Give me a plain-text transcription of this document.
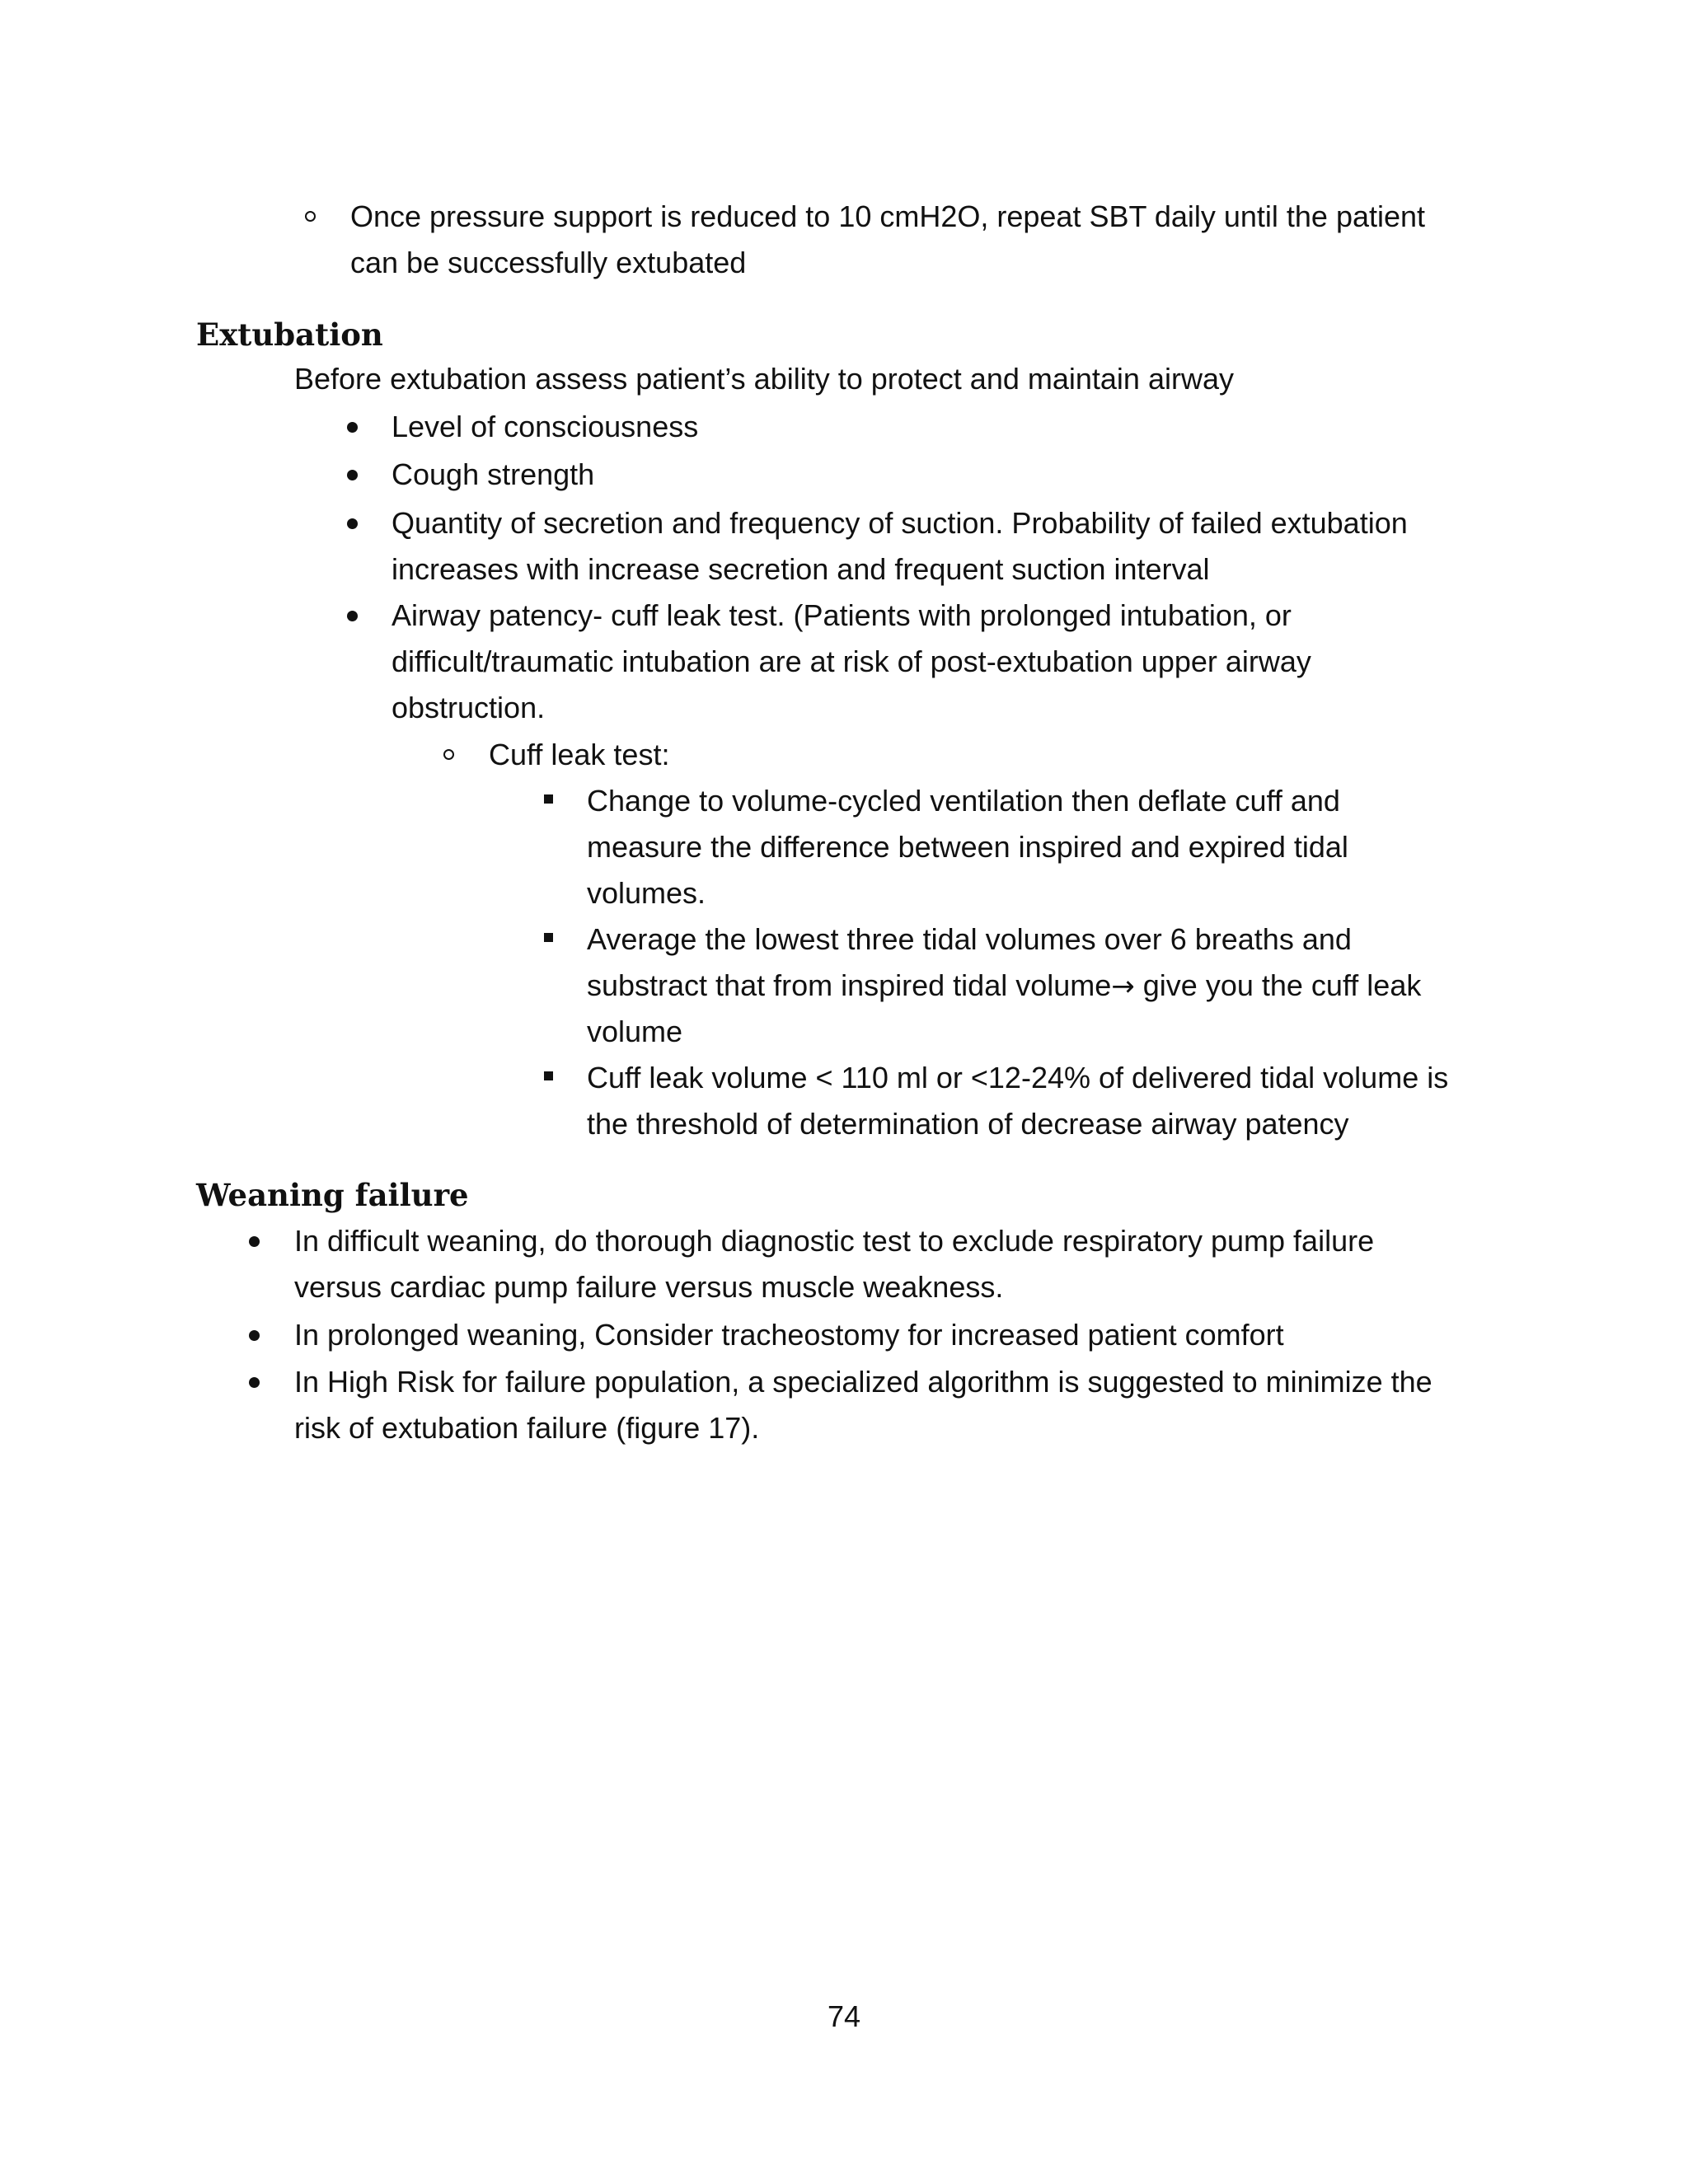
Once pressure support is reduced to 10 cmH2O, repeat SBT daily until the patient
can be successfully extubated
Extubation
Before extubation assess patient’s ability to protect and maintain airway
Level of consciousness
Cough strength
Quantity of secretion and frequency of suction. Probability of failed extubation
increases with increase secretion and frequent suction interval
Airway patency- cuff leak test. (Patients with prolonged intubation, or
difficult/traumatic intubation are at risk of post-extubation upper airway
obstruction.
Cuff leak test:
Change to volume-cycled ventilation then deflate cuff and
measure the difference between inspired and expired tidal
volumes.
Average the lowest three tidal volumes over 6 breaths and
substract that from inspired tidal volume→ give you the cuff leak
volume
Cuff leak volume < 110 ml or <12-24% of delivered tidal volume is
the threshold of determination of decrease airway patency
Weaning failure
In difficult weaning, do thorough diagnostic test to exclude respiratory pump failure
versus cardiac pump failure versus muscle weakness.
In prolonged weaning, Consider tracheostomy for increased patient comfort
In High Risk for failure population, a specialized algorithm is suggested to minimize the
risk of extubation failure (figure 17).
74
